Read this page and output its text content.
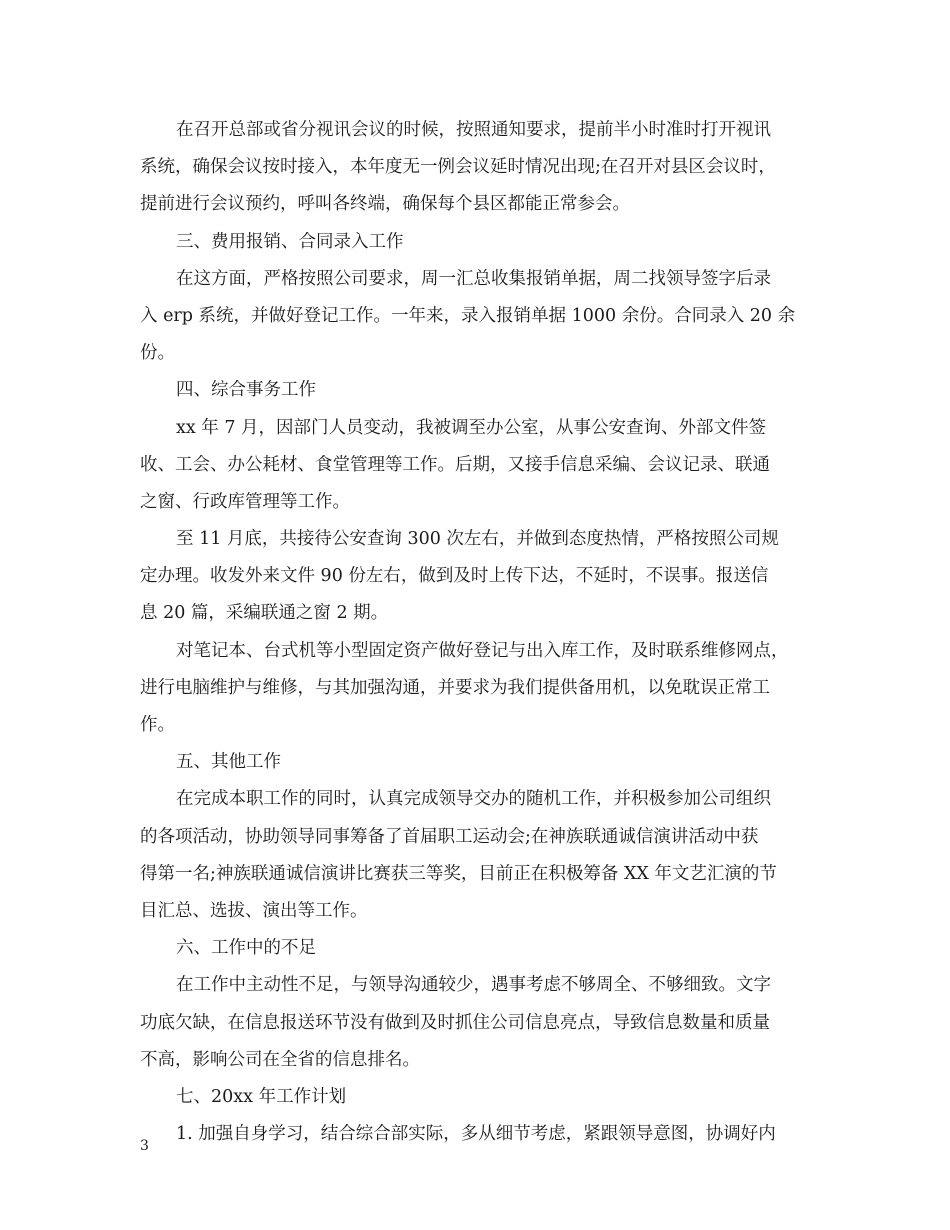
在召开总部或省分视讯会议的时候，按照通知要求，提前半小时准时打开视讯
系统，确保会议按时接入，本年度无一例会议延时情况出现;在召开对县区会议时，
提前进行会议预约，呼叫各终端，确保每个县区都能正常参会。
三、费用报销、合同录入工作
在这方面，严格按照公司要求，周一汇总收集报销单据，周二找领导签字后录
入 erp 系统，并做好登记工作。一年来，录入报销单据 1000 余份。合同录入 20 余
份。
四、综合事务工作
xx 年 7 月，因部门人员变动，我被调至办公室，从事公安查询、外部文件签
收、工会、办公耗材、食堂管理等工作。后期，又接手信息采编、会议记录、联通
之窗、行政库管理等工作。
至 11 月底，共接待公安查询 300 次左右，并做到态度热情，严格按照公司规
定办理。收发外来文件 90 份左右，做到及时上传下达，不延时，不误事。报送信
息 20 篇，采编联通之窗 2 期。
对笔记本、台式机等小型固定资产做好登记与出入库工作，及时联系维修网点，
进行电脑维护与维修，与其加强沟通，并要求为我们提供备用机，以免耽误正常工
作。
五、其他工作
在完成本职工作的同时，认真完成领导交办的随机工作，并积极参加公司组织
的各项活动，协助领导同事筹备了首届职工运动会;在神族联通诚信演讲活动中获
得第一名;神族联通诚信演讲比赛获三等奖，目前正在积极筹备 XX 年文艺汇演的节
目汇总、选拔、演出等工作。
六、工作中的不足
在工作中主动性不足，与领导沟通较少，遇事考虑不够周全、不够细致。文字
功底欠缺，在信息报送环节没有做到及时抓住公司信息亮点，导致信息数量和质量
不高，影响公司在全省的信息排名。
七、20xx 年工作计划
1. 加强自身学习，结合综合部实际，多从细节考虑，紧跟领导意图，协调好内
3
